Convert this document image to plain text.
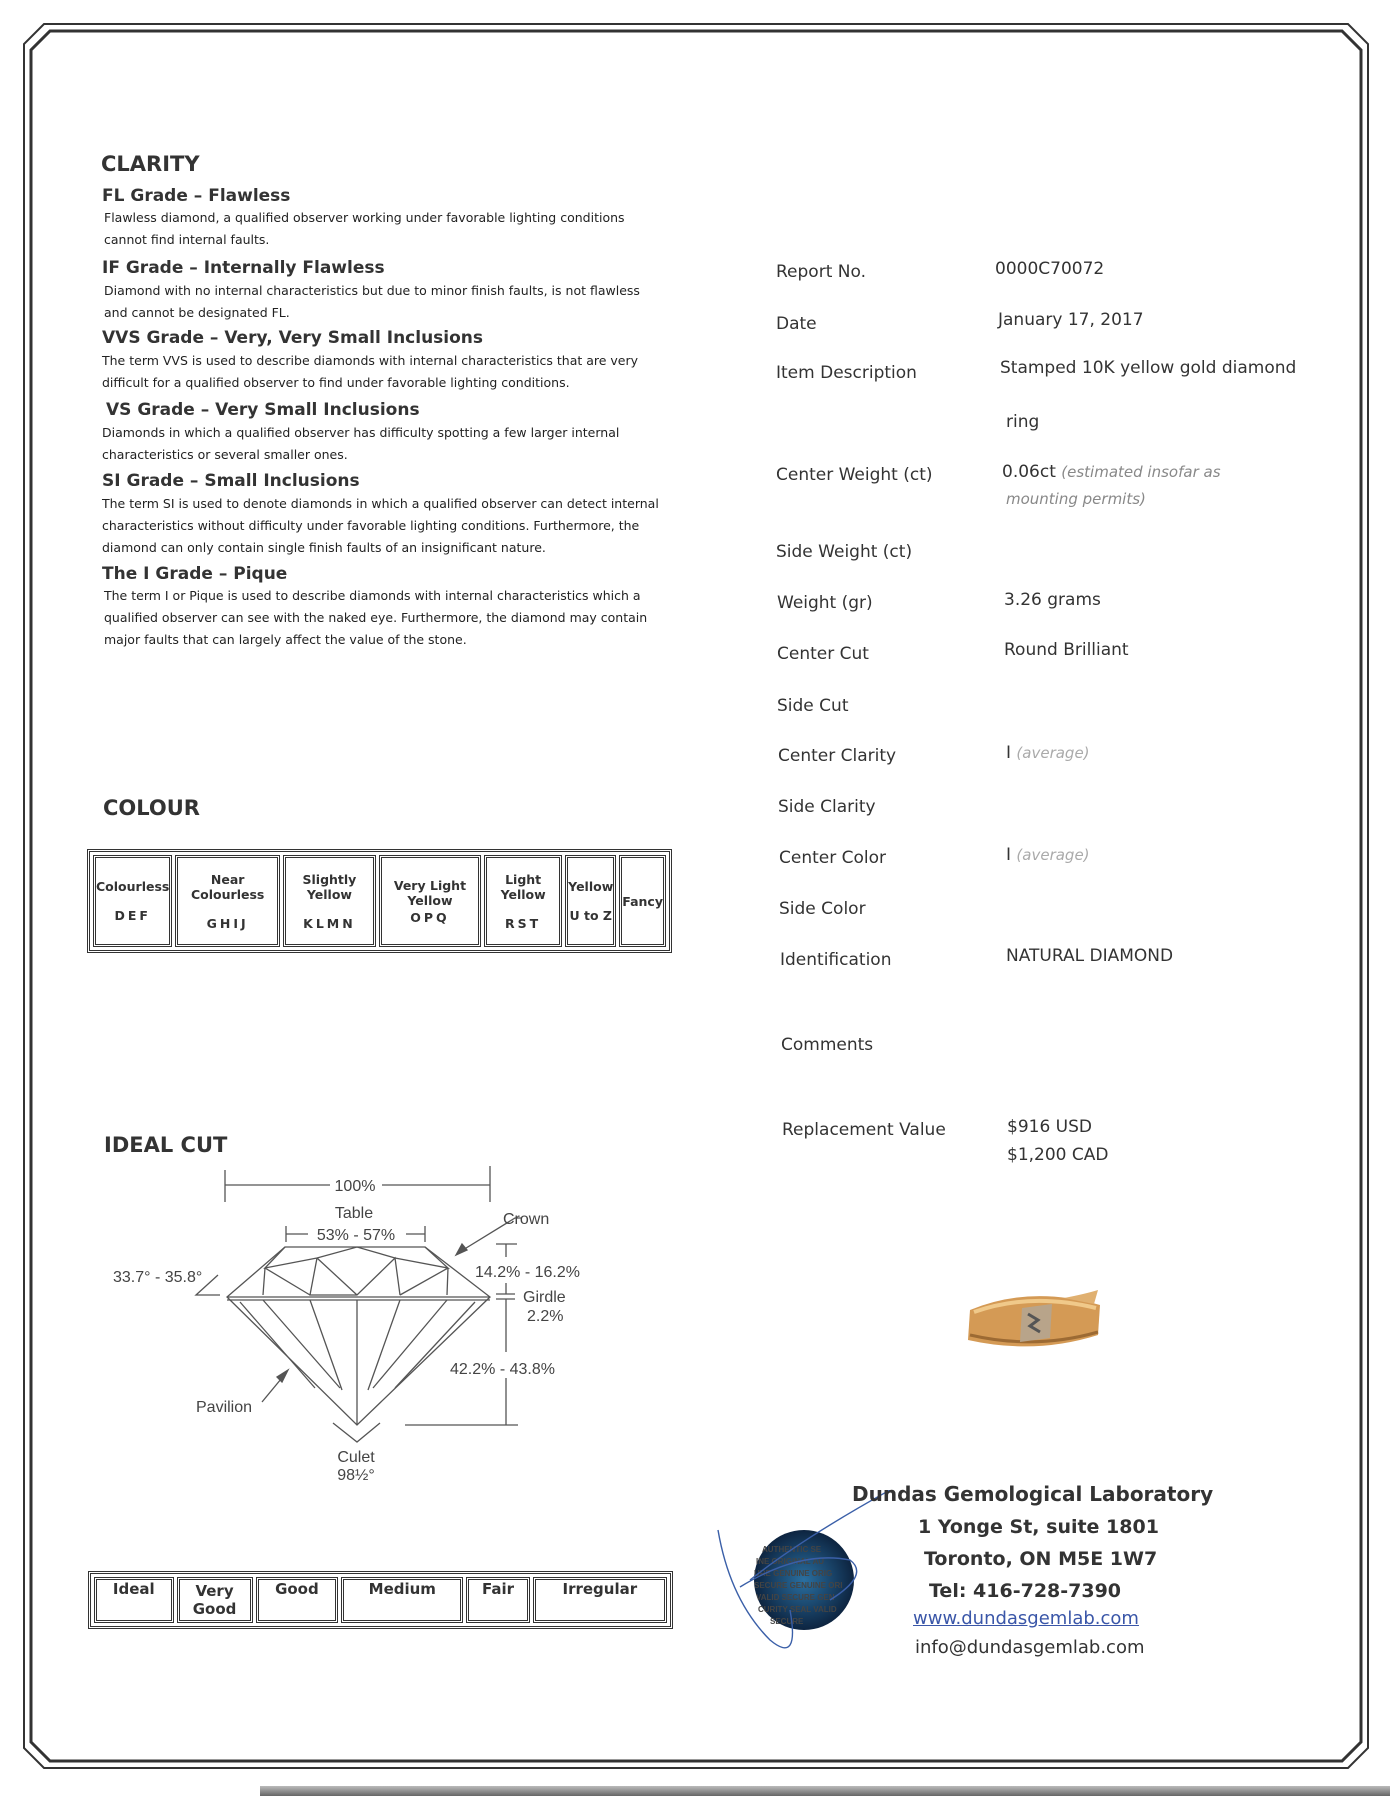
CLARITY
FL Grade – Flawless
Flawless diamond, a qualified observer working under favorable lighting conditions cannot find internal faults.
IF Grade – Internally Flawless
Diamond with no internal characteristics but due to minor finish faults, is not flawless and cannot be designated FL.
VVS Grade – Very, Very Small Inclusions
The term VVS is used to describe diamonds with internal characteristics that are very difficult for a qualified observer to find under favorable lighting conditions.
VS Grade – Very Small Inclusions
Diamonds in which a qualified observer has difficulty spotting a few larger internal characteristics or several smaller ones.
SI Grade – Small Inclusions
The term SI is used to denote diamonds in which a qualified observer can detect internal characteristics without difficulty under favorable lighting conditions. Furthermore, the diamond can only contain single finish faults of an insignificant nature.
The I Grade – Pique
The term I or Pique is used to describe diamonds with internal characteristics which a qualified observer can see with the naked eye. Furthermore, the diamond may contain major faults that can largely affect the value of the stone.
COLOUR
Colourless
DEF
	Near Colourless
GHIJ
	Slightly Yellow
KLMN
	Very Light Yellow
OPQ
	Light Yellow
RST
	Yellow
U to Z
	Fancy
IDEAL CUT
100%
Table
53% - 57%
Crown
14.2% - 16.2%
33.7° - 35.8°
Girdle
2.2%
42.2% - 43.8%
Pavilion
Culet
98½°
Ideal	Very Good	Good	Medium	Fair	Irregular
Report No.	0000C70072
Date	January 17, 2017
Item Description	Stamped 10K yellow gold diamond
ring
Center Weight (ct)	0.06ct (estimated insofar as
mounting permits)
Side Weight (ct)
Weight (gr)	3.26 grams
Center Cut	Round Brilliant
Side Cut
Center Clarity	I (average)
Side Clarity
Center Color	I (average)
Side Color
Identification	NATURAL DIAMOND
Comments
Replacement Value	$916 USD
$1,200 CAD
AUTHENTIC SE
INE ORIGINAL AU
URE GENUINE ORIG
SECURE GENUINE ORI
VALID SECURE GEN
CURITY SEAL VALID
SECURE
Dundas Gemological Laboratory
1 Yonge St, suite 1801
Toronto, ON M5E 1W7
Tel: 416-728-7390
www.dundasgemlab.com
info@dundasgemlab.com
